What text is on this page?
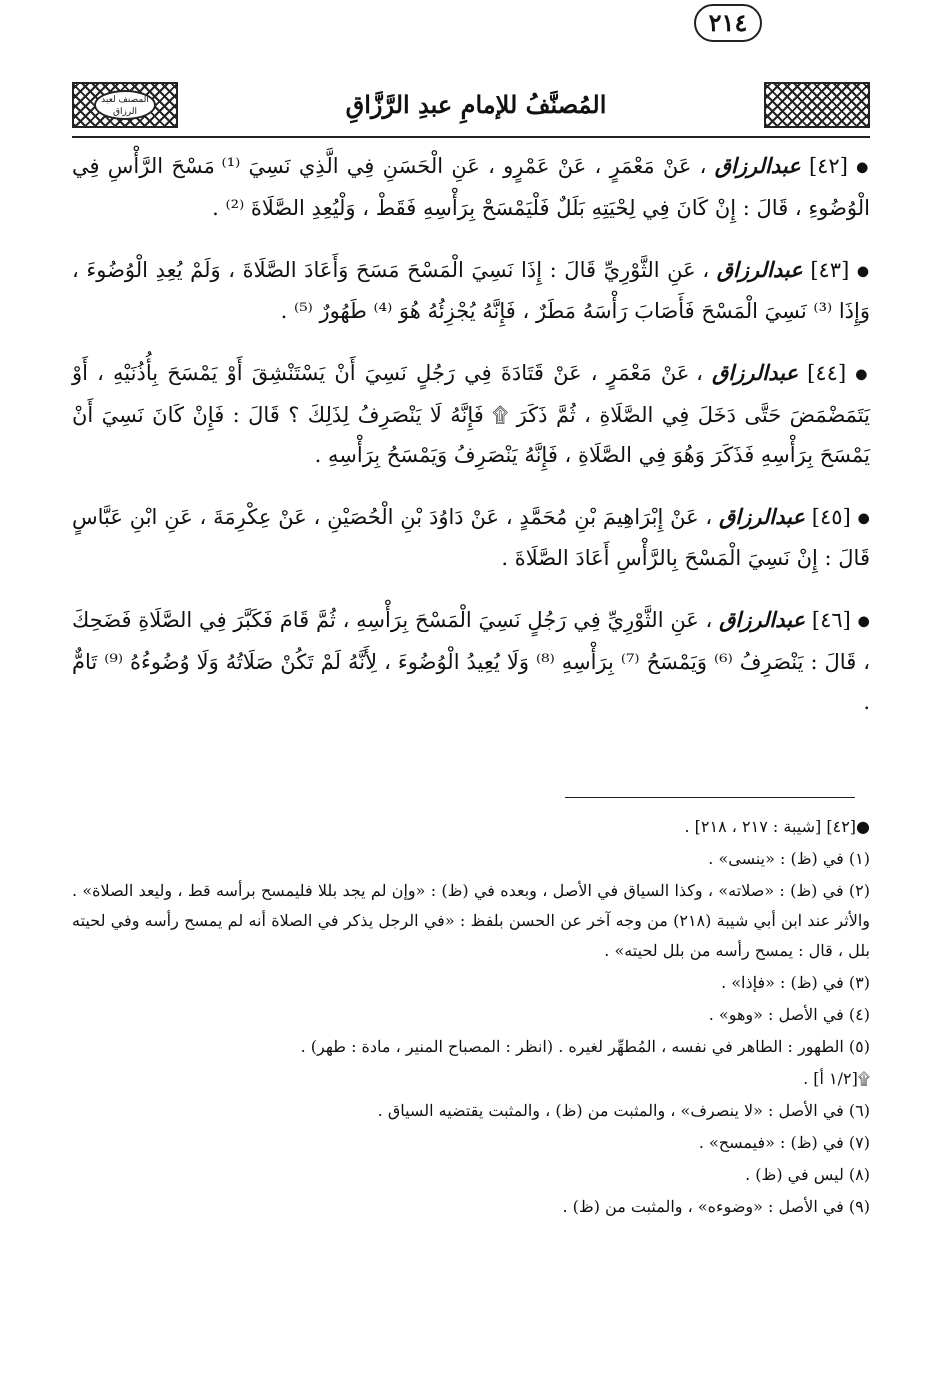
المصنف لعبد الرزاق	المُصنَّفُ للإمامِ عبدِ الرَّزَّاقِ
٢١٤

● [٤٢] عبدالرزاق ، عَنْ مَعْمَرٍ ، عَنْ عَمْرٍو ، عَنِ الْحَسَنِ فِي الَّذِي نَسِيَ ⁽¹⁾ مَسْحَ الرَّأْسِ فِي الْوُضُوءِ ، قَالَ : إِنْ كَانَ فِي لِحْيَتِهِ بَلَلٌ فَلْيَمْسَحْ بِرَأْسِهِ فَقَطْ ، وَلْيُعِدِ الصَّلَاةَ ⁽²⁾ .

● [٤٣] عبدالرزاق ، عَنِ الثَّوْرِيِّ قَالَ : إِذَا نَسِيَ الْمَسْحَ مَسَحَ وَأَعَادَ الصَّلَاةَ ، وَلَمْ يُعِدِ الْوُضُوءَ ، وَإِذَا ⁽³⁾ نَسِيَ الْمَسْحَ فَأَصَابَ رَأْسَهُ مَطَرٌ ، فَإِنَّهُ يُجْزِئُهُ هُوَ ⁽⁴⁾ طَهُورٌ ⁽⁵⁾ .

● [٤٤] عبدالرزاق ، عَنْ مَعْمَرٍ ، عَنْ قَتَادَةَ فِي رَجُلٍ نَسِيَ أَنْ يَسْتَنْشِقَ أَوْ يَمْسَحَ بِأُذُنَيْهِ ، أَوْ يَتَمَضْمَضَ حَتَّى دَخَلَ فِي الصَّلَاةِ ، ثُمَّ ذَكَرَ ۩ فَإِنَّهُ لَا يَنْصَرِفُ لِذَلِكَ ؟ قَالَ : فَإِنْ كَانَ نَسِيَ أَنْ يَمْسَحَ بِرَأْسِهِ فَذَكَرَ وَهُوَ فِي الصَّلَاةِ ، فَإِنَّهُ يَنْصَرِفُ وَيَمْسَحُ بِرَأْسِهِ .

● [٤٥] عبدالرزاق ، عَنْ إِبْرَاهِيمَ بْنِ مُحَمَّدٍ ، عَنْ دَاوُدَ بْنِ الْحُصَيْنِ ، عَنْ عِكْرِمَةَ ، عَنِ ابْنِ عَبَّاسٍ قَالَ : إِنْ نَسِيَ الْمَسْحَ بِالرَّأْسِ أَعَادَ الصَّلَاةَ .

● [٤٦] عبدالرزاق ، عَنِ الثَّوْرِيِّ فِي رَجُلٍ نَسِيَ الْمَسْحَ بِرَأْسِهِ ، ثُمَّ قَامَ فَكَبَّرَ فِي الصَّلَاةِ فَضَحِكَ ، قَالَ : يَنْصَرِفُ ⁽⁶⁾ وَيَمْسَحُ ⁽⁷⁾ بِرَأْسِهِ ⁽⁸⁾ وَلَا يُعِيدُ الْوُضُوءَ ، لِأَنَّهُ لَمْ تَكُنْ صَلَاتُهُ وَلَا وُضُوءُهُ ⁽⁹⁾ تَامٌّ .

●[٤٢] [شيبة : ٢١٧ ، ٢١٨] .

(١) في (ظ) : «ينسى» .

(٢) في (ظ) : «صلاته» ، وكذا السياق في الأصل ، وبعده في (ظ) : «وإن لم يجد بللا فليمسح برأسه قط ، وليعد الصلاة» . والأثر عند ابن أبي شيبة (٢١٨) من وجه آخر عن الحسن بلفظ : «في الرجل يذكر في الصلاة أنه لم يمسح رأسه وفي لحيته بلل ، قال : يمسح رأسه من بلل لحيته» .

(٣) في (ظ) : «فإذا» .

(٤) في الأصل : «وهو» .

(٥) الطهور : الطاهر في نفسه ، المُطهِّر لغيره . (انظر : المصباح المنير ، مادة : طهر) .

۩[١/٢ أ] .

(٦) في الأصل : «لا ينصرف» ، والمثبت من (ظ) ، والمثبت يقتضيه السياق .

(٧) في (ظ) : «فيمسح» .

(٨) ليس في (ظ) .

(٩) في الأصل : «وضوءه» ، والمثبت من (ظ) .
